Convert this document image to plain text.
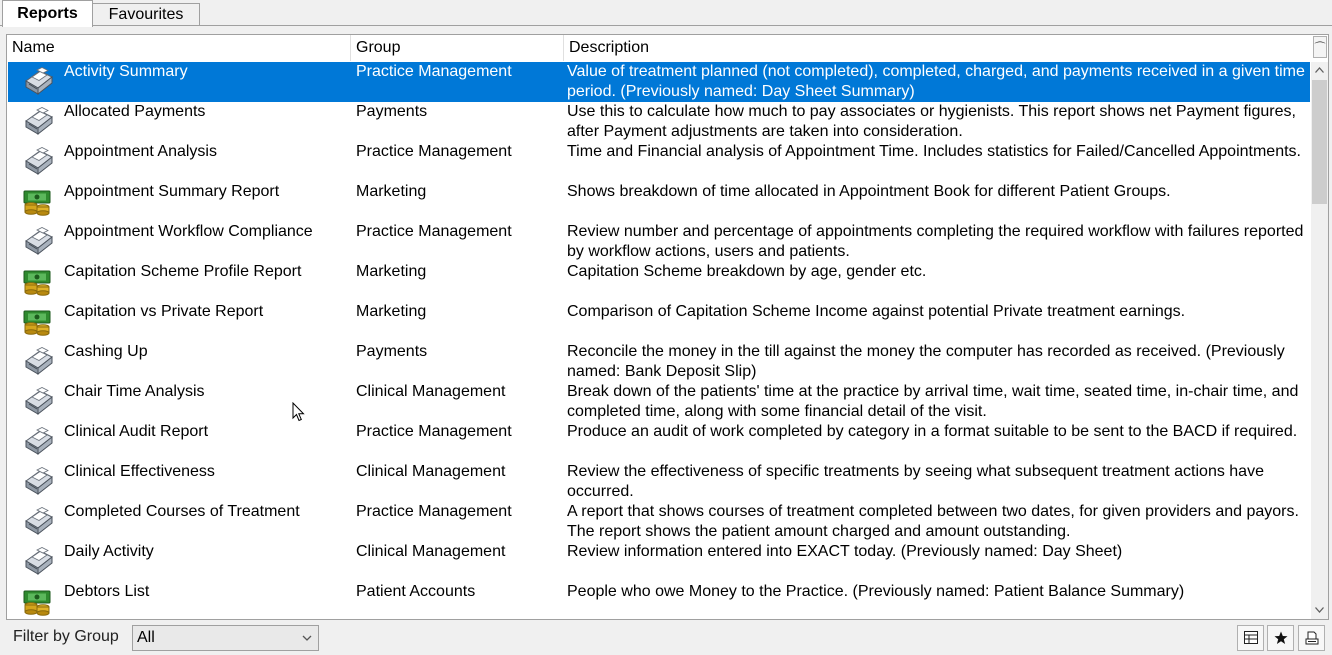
Reports	Favourites
Name	Group	Description	⌒
Activity Summary	Practice Management	Value of treatment planned (not completed), completed, charged, and payments received in a given time period. (Previously named: Day Sheet Summary)
Allocated Payments	Payments	Use this to calculate how much to pay associates or hygienists. This report shows net Payment figures, after Payment adjustments are taken into consideration.
Appointment Analysis	Practice Management	Time and Financial analysis of Appointment Time. Includes statistics for Failed/Cancelled Appointments.
Appointment Summary Report	Marketing	Shows breakdown of time allocated in Appointment Book for different Patient Groups.
Appointment Workflow Compliance	Practice Management	Review number and percentage of appointments completing the required workflow with failures reported by workflow actions, users and patients.
Capitation Scheme Profile Report	Marketing	Capitation Scheme breakdown by age, gender etc.
Capitation vs Private Report	Marketing	Comparison of Capitation Scheme Income against potential Private treatment earnings.
Cashing Up	Payments	Reconcile the money in the till against the money the computer has recorded as received. (Previously named: Bank Deposit Slip)
Chair Time Analysis	Clinical Management	Break down of the patients' time at the practice by arrival time, wait time, seated time, in-chair time, and completed time, along with some financial detail of the visit.
Clinical Audit Report	Practice Management	Produce an audit of work completed by category in a format suitable to be sent to the BACD if required.
Clinical Effectiveness	Clinical Management	Review the effectiveness of specific treatments by seeing what subsequent treatment actions have occurred.
Completed Courses of Treatment	Practice Management	A report that shows courses of treatment completed between two dates, for given providers and payors. The report shows the patient amount charged and amount outstanding.
Daily Activity	Clinical Management	Review information entered into EXACT today. (Previously named: Day Sheet)
Debtors List	Patient Accounts	People who owe Money to the Practice. (Previously named: Patient Balance Summary)
Filter by Group All
